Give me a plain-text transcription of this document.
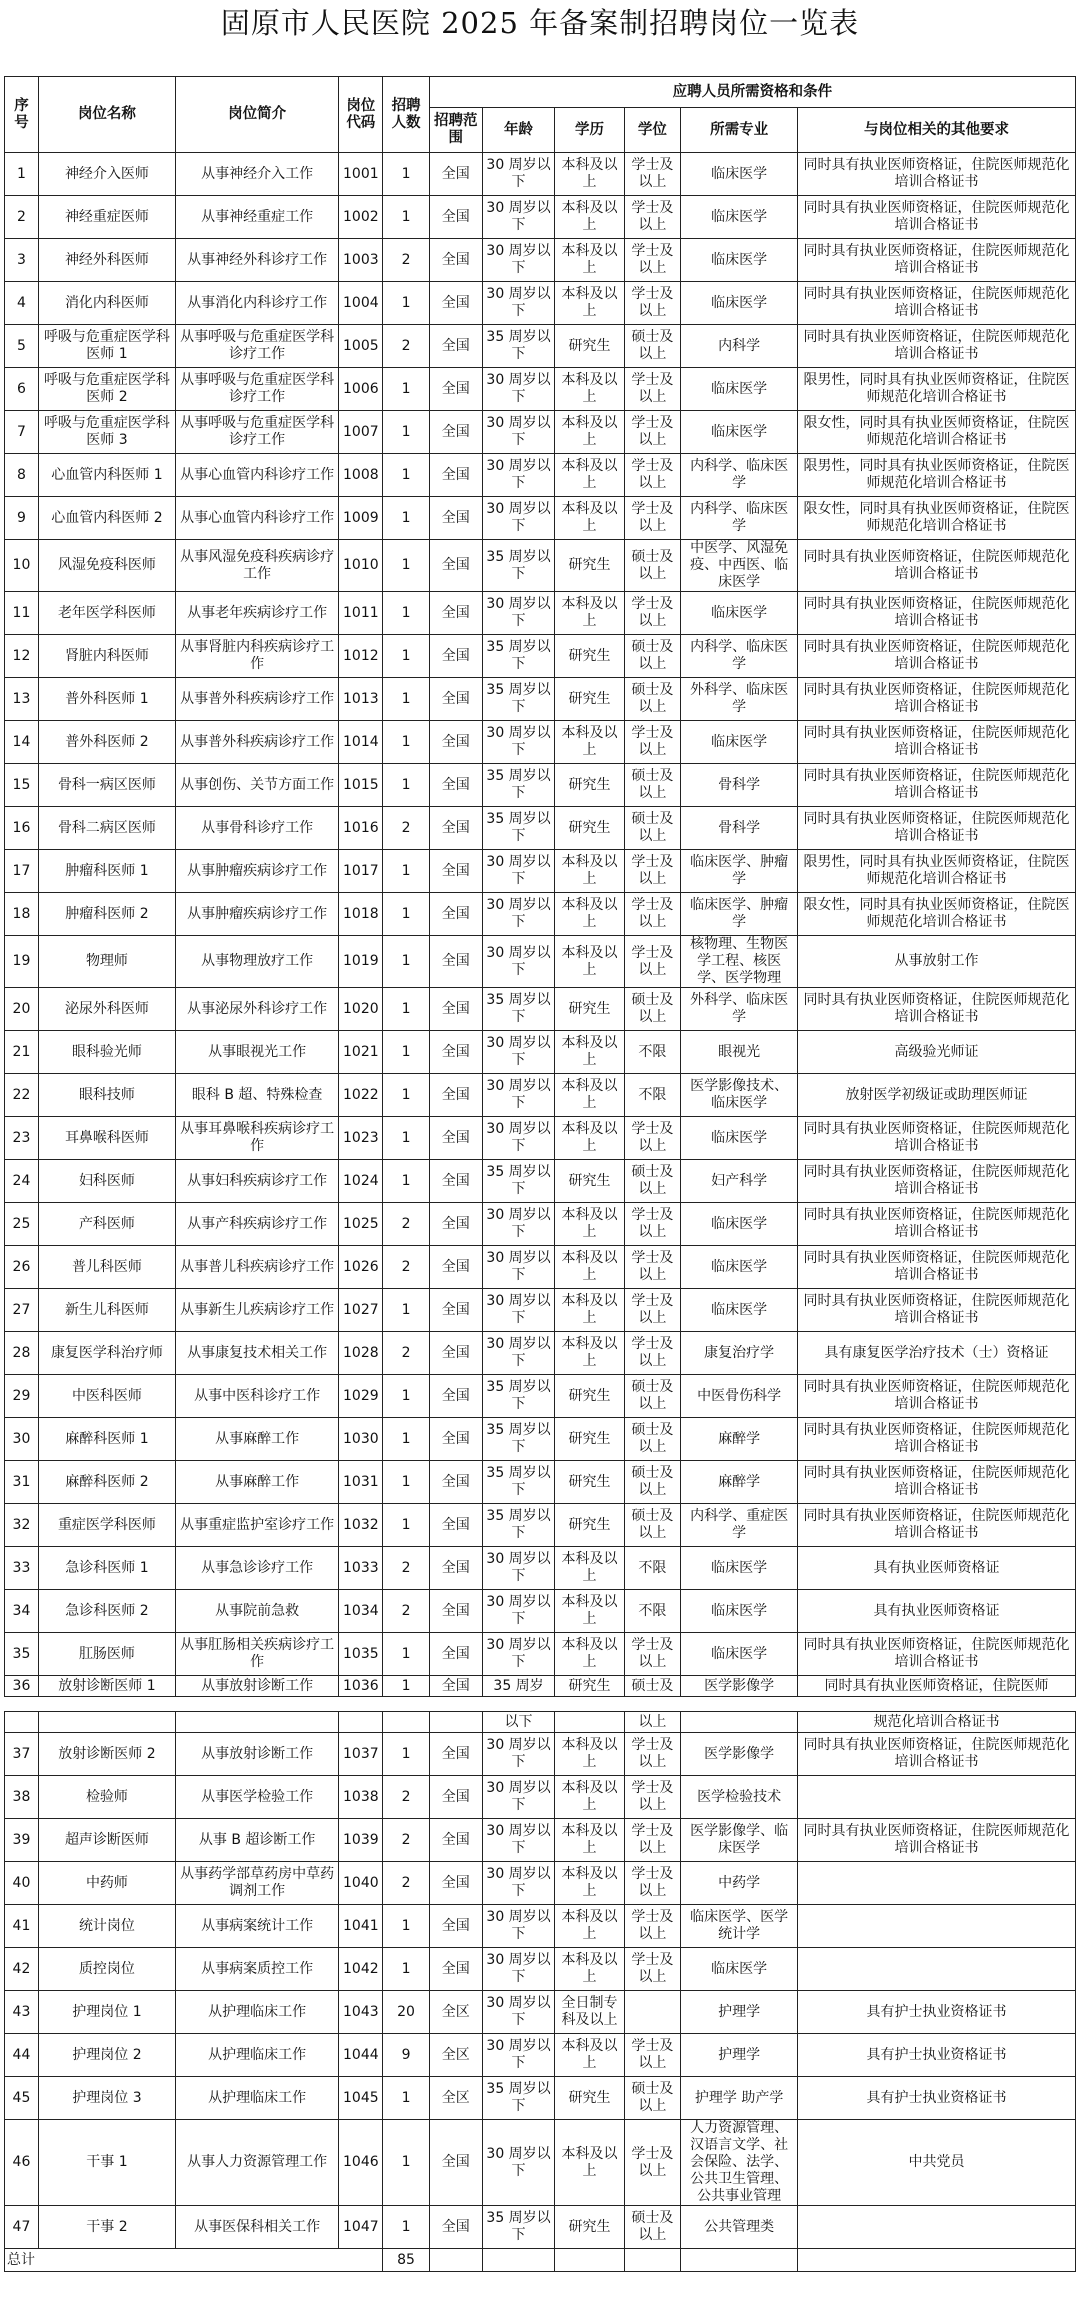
固原市人民医院 2025 年备案制招聘岗位一览表
序号	岗位名称	岗位简介	岗位代码	招聘人数	应聘人员所需资格和条件					
					招聘范围	年龄	学历	学位	所需专业	与岗位相关的其他要求
1	神经介入医师	从事神经介入工作	1001	1	全国	30 周岁以下	本科及以上	学士及以上	临床医学	同时具有执业医师资格证，住院医师规范化培训合格证书
2	神经重症医师	从事神经重症工作	1002	1	全国	30 周岁以下	本科及以上	学士及以上	临床医学	同时具有执业医师资格证，住院医师规范化培训合格证书
3	神经外科医师	从事神经外科诊疗工作	1003	2	全国	30 周岁以下	本科及以上	学士及以上	临床医学	同时具有执业医师资格证，住院医师规范化培训合格证书
4	消化内科医师	从事消化内科诊疗工作	1004	1	全国	30 周岁以下	本科及以上	学士及以上	临床医学	同时具有执业医师资格证，住院医师规范化培训合格证书
5	呼吸与危重症医学科医师 1	从事呼吸与危重症医学科诊疗工作	1005	2	全国	35 周岁以下	研究生	硕士及以上	内科学	同时具有执业医师资格证，住院医师规范化培训合格证书
6	呼吸与危重症医学科医师 2	从事呼吸与危重症医学科诊疗工作	1006	1	全国	30 周岁以下	本科及以上	学士及以上	临床医学	限男性，同时具有执业医师资格证，住院医师规范化培训合格证书
7	呼吸与危重症医学科医师 3	从事呼吸与危重症医学科诊疗工作	1007	1	全国	30 周岁以下	本科及以上	学士及以上	临床医学	限女性，同时具有执业医师资格证，住院医师规范化培训合格证书
8	心血管内科医师 1	从事心血管内科诊疗工作	1008	1	全国	30 周岁以下	本科及以上	学士及以上	内科学、临床医学	限男性，同时具有执业医师资格证，住院医师规范化培训合格证书
9	心血管内科医师 2	从事心血管内科诊疗工作	1009	1	全国	30 周岁以下	本科及以上	学士及以上	内科学、临床医学	限女性，同时具有执业医师资格证，住院医师规范化培训合格证书
10	风湿免疫科医师	从事风湿免疫科疾病诊疗工作	1010	1	全国	35 周岁以下	研究生	硕士及以上	中医学、风湿免疫、中西医、临床医学	同时具有执业医师资格证，住院医师规范化培训合格证书
11	老年医学科医师	从事老年疾病诊疗工作	1011	1	全国	30 周岁以下	本科及以上	学士及以上	临床医学	同时具有执业医师资格证，住院医师规范化培训合格证书
12	肾脏内科医师	从事肾脏内科疾病诊疗工作	1012	1	全国	35 周岁以下	研究生	硕士及以上	内科学、临床医学	同时具有执业医师资格证，住院医师规范化培训合格证书
13	普外科医师 1	从事普外科疾病诊疗工作	1013	1	全国	35 周岁以下	研究生	硕士及以上	外科学、临床医学	同时具有执业医师资格证，住院医师规范化培训合格证书
14	普外科医师 2	从事普外科疾病诊疗工作	1014	1	全国	30 周岁以下	本科及以上	学士及以上	临床医学	同时具有执业医师资格证，住院医师规范化培训合格证书
15	骨科一病区医师	从事创伤、关节方面工作	1015	1	全国	35 周岁以下	研究生	硕士及以上	骨科学	同时具有执业医师资格证，住院医师规范化培训合格证书
16	骨科二病区医师	从事骨科诊疗工作	1016	2	全国	35 周岁以下	研究生	硕士及以上	骨科学	同时具有执业医师资格证，住院医师规范化培训合格证书
17	肿瘤科医师 1	从事肿瘤疾病诊疗工作	1017	1	全国	30 周岁以下	本科及以上	学士及以上	临床医学、肿瘤学	限男性，同时具有执业医师资格证，住院医师规范化培训合格证书
18	肿瘤科医师 2	从事肿瘤疾病诊疗工作	1018	1	全国	30 周岁以下	本科及以上	学士及以上	临床医学、肿瘤学	限女性，同时具有执业医师资格证，住院医师规范化培训合格证书
19	物理师	从事物理放疗工作	1019	1	全国	30 周岁以下	本科及以上	学士及以上	核物理、生物医学工程、核医学、医学物理	从事放射工作
20	泌尿外科医师	从事泌尿外科诊疗工作	1020	1	全国	35 周岁以下	研究生	硕士及以上	外科学、临床医学	同时具有执业医师资格证，住院医师规范化培训合格证书
21	眼科验光师	从事眼视光工作	1021	1	全国	30 周岁以下	本科及以上	不限	眼视光	高级验光师证
22	眼科技师	眼科 B 超、特殊检查	1022	1	全国	30 周岁以下	本科及以上	不限	医学影像技术、临床医学	放射医学初级证或助理医师证
23	耳鼻喉科医师	从事耳鼻喉科疾病诊疗工作	1023	1	全国	30 周岁以下	本科及以上	学士及以上	临床医学	同时具有执业医师资格证，住院医师规范化培训合格证书
24	妇科医师	从事妇科疾病诊疗工作	1024	1	全国	35 周岁以下	研究生	硕士及以上	妇产科学	同时具有执业医师资格证，住院医师规范化培训合格证书
25	产科医师	从事产科疾病诊疗工作	1025	2	全国	30 周岁以下	本科及以上	学士及以上	临床医学	同时具有执业医师资格证，住院医师规范化培训合格证书
26	普儿科医师	从事普儿科疾病诊疗工作	1026	2	全国	30 周岁以下	本科及以上	学士及以上	临床医学	同时具有执业医师资格证，住院医师规范化培训合格证书
27	新生儿科医师	从事新生儿疾病诊疗工作	1027	1	全国	30 周岁以下	本科及以上	学士及以上	临床医学	同时具有执业医师资格证，住院医师规范化培训合格证书
28	康复医学科治疗师	从事康复技术相关工作	1028	2	全国	30 周岁以下	本科及以上	学士及以上	康复治疗学	具有康复医学治疗技术（士）资格证
29	中医科医师	从事中医科诊疗工作	1029	1	全国	35 周岁以下	研究生	硕士及以上	中医骨伤科学	同时具有执业医师资格证，住院医师规范化培训合格证书
30	麻醉科医师 1	从事麻醉工作	1030	1	全国	35 周岁以下	研究生	硕士及以上	麻醉学	同时具有执业医师资格证，住院医师规范化培训合格证书
31	麻醉科医师 2	从事麻醉工作	1031	1	全国	35 周岁以下	研究生	硕士及以上	麻醉学	同时具有执业医师资格证，住院医师规范化培训合格证书
32	重症医学科医师	从事重症监护室诊疗工作	1032	1	全国	35 周岁以下	研究生	硕士及以上	内科学、重症医学	同时具有执业医师资格证，住院医师规范化培训合格证书
33	急诊科医师 1	从事急诊诊疗工作	1033	2	全国	30 周岁以下	本科及以上	不限	临床医学	具有执业医师资格证
34	急诊科医师 2	从事院前急救	1034	2	全国	30 周岁以下	本科及以上	不限	临床医学	具有执业医师资格证
35	肛肠医师	从事肛肠相关疾病诊疗工作	1035	1	全国	30 周岁以下	本科及以上	学士及以上	临床医学	同时具有执业医师资格证，住院医师规范化培训合格证书
36	放射诊断医师 1	从事放射诊断工作	1036	1	全国	35 周岁	研究生	硕士及	医学影像学	同时具有执业医师资格证，住院医师

						以下		以上		规范化培训合格证书
37	放射诊断医师 2	从事放射诊断工作	1037	1	全国	30 周岁以下	本科及以上	学士及以上	医学影像学	同时具有执业医师资格证，住院医师规范化培训合格证书
38	检验师	从事医学检验工作	1038	2	全国	30 周岁以下	本科及以上	学士及以上	医学检验技术	
39	超声诊断医师	从事 B 超诊断工作	1039	2	全国	30 周岁以下	本科及以上	学士及以上	医学影像学、临床医学	同时具有执业医师资格证，住院医师规范化培训合格证书
40	中药师	从事药学部草药房中草药调剂工作	1040	2	全国	30 周岁以下	本科及以上	学士及以上	中药学	
41	统计岗位	从事病案统计工作	1041	1	全国	30 周岁以下	本科及以上	学士及以上	临床医学、医学统计学	
42	质控岗位	从事病案质控工作	1042	1	全国	30 周岁以下	本科及以上	学士及以上	临床医学	
43	护理岗位 1	从护理临床工作	1043	20	全区	30 周岁以下	全日制专科及以上		护理学	具有护士执业资格证书
44	护理岗位 2	从护理临床工作	1044	9	全区	30 周岁以下	本科及以上	学士及以上	护理学	具有护士执业资格证书
45	护理岗位 3	从护理临床工作	1045	1	全区	35 周岁以下	研究生	硕士及以上	护理学 助产学	具有护士执业资格证书
46	干事 1	从事人力资源管理工作	1046	1	全国	30 周岁以下	本科及以上	学士及以上	人力资源管理、汉语言文学、社会保险、法学、公共卫生管理、公共事业管理	中共党员
47	干事 2	从事医保科相关工作	1047	1	全国	35 周岁以下	研究生	硕士及以上	公共管理类	
总计				85						
